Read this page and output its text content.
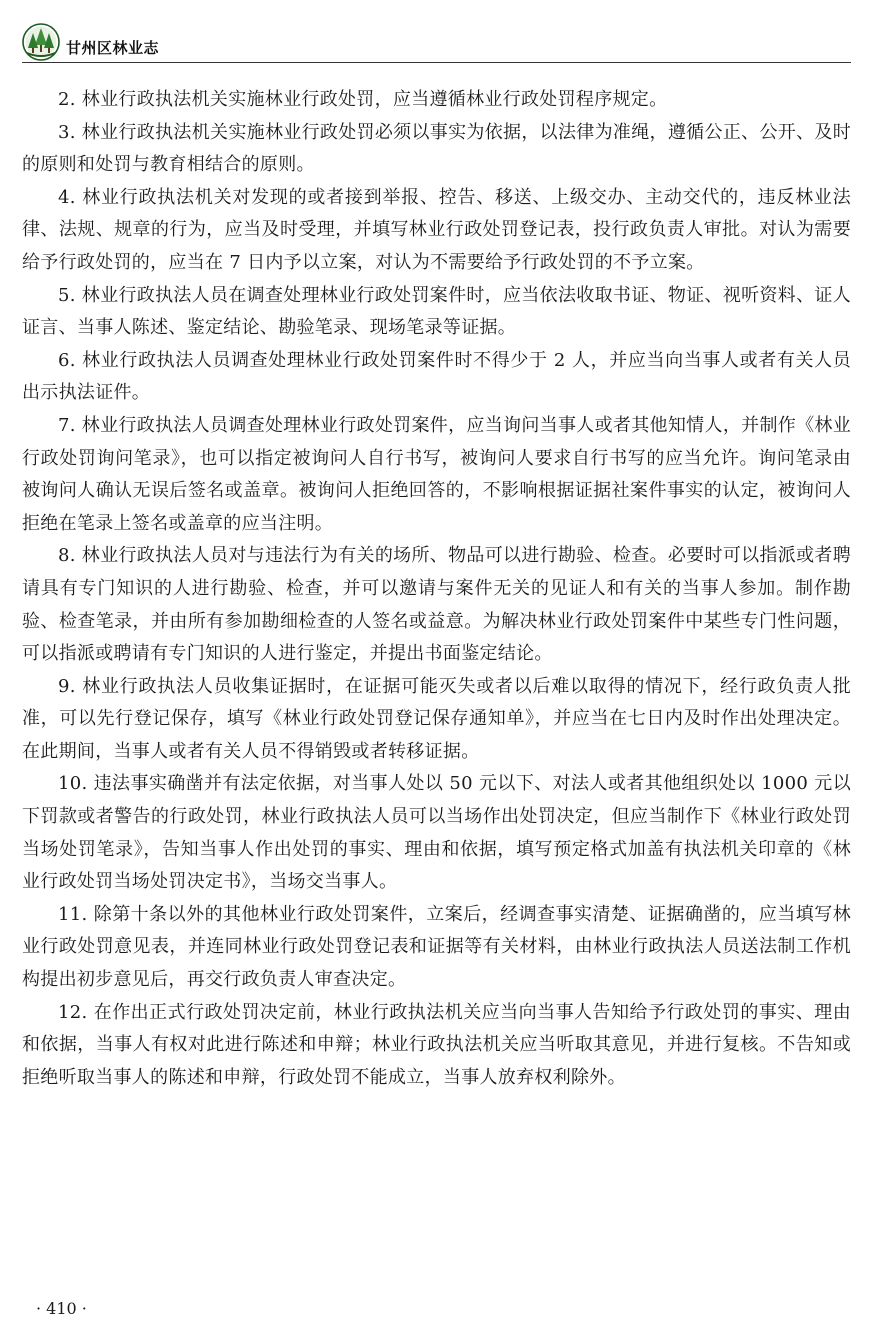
甘州区林业志

2. 林业行政执法机关实施林业行政处罚，应当遵循林业行政处罚程序规定。

3. 林业行政执法机关实施林业行政处罚必须以事实为依据，以法律为准绳，遵循公正、公开、及时的原则和处罚与教育相结合的原则。

4. 林业行政执法机关对发现的或者接到举报、控告、移送、上级交办、主动交代的，违反林业法律、法规、规章的行为，应当及时受理，并填写林业行政处罚登记表，投行政负责人审批。对认为需要给予行政处罚的，应当在 7 日内予以立案，对认为不需要给予行政处罚的不予立案。

5. 林业行政执法人员在调查处理林业行政处罚案件时，应当依法收取书证、物证、视听资料、证人证言、当事人陈述、鉴定结论、勘验笔录、现场笔录等证据。

6. 林业行政执法人员调查处理林业行政处罚案件时不得少于 2 人，并应当向当事人或者有关人员出示执法证件。

7. 林业行政执法人员调查处理林业行政处罚案件，应当询问当事人或者其他知情人，并制作《林业行政处罚询问笔录》，也可以指定被询问人自行书写，被询问人要求自行书写的应当允许。询问笔录由被询问人确认无误后签名或盖章。被询问人拒绝回答的，不影响根据证据社案件事实的认定，被询问人拒绝在笔录上签名或盖章的应当注明。

8. 林业行政执法人员对与违法行为有关的场所、物品可以进行勘验、检查。必要时可以指派或者聘请具有专门知识的人进行勘验、检查，并可以邀请与案件无关的见证人和有关的当事人参加。制作勘验、检查笔录，并由所有参加勘细检查的人签名或益意。为解决林业行政处罚案件中某些专门性问题，可以指派或聘请有专门知识的人进行鉴定，并提出书面鉴定结论。

9. 林业行政执法人员收集证据时，在证据可能灭失或者以后难以取得的情况下，经行政负责人批准，可以先行登记保存，填写《林业行政处罚登记保存通知单》，并应当在七日内及时作出处理决定。在此期间，当事人或者有关人员不得销毁或者转移证据。

10. 违法事实确凿并有法定依据，对当事人处以 50 元以下、对法人或者其他组织处以 1000 元以下罚款或者警告的行政处罚，林业行政执法人员可以当场作出处罚决定，但应当制作下《林业行政处罚当场处罚笔录》，告知当事人作出处罚的事实、理由和依据，填写预定格式加盖有执法机关印章的《林业行政处罚当场处罚决定书》，当场交当事人。

11. 除第十条以外的其他林业行政处罚案件，立案后，经调查事实清楚、证据确凿的，应当填写林业行政处罚意见表，并连同林业行政处罚登记表和证据等有关材料，由林业行政执法人员送法制工作机构提出初步意见后，再交行政负责人审查决定。

12. 在作出正式行政处罚决定前，林业行政执法机关应当向当事人告知给予行政处罚的事实、理由和依据，当事人有权对此进行陈述和申辩；林业行政执法机关应当听取其意见，并进行复核。不告知或拒绝听取当事人的陈述和申辩，行政处罚不能成立，当事人放弃权利除外。

· 410 ·
